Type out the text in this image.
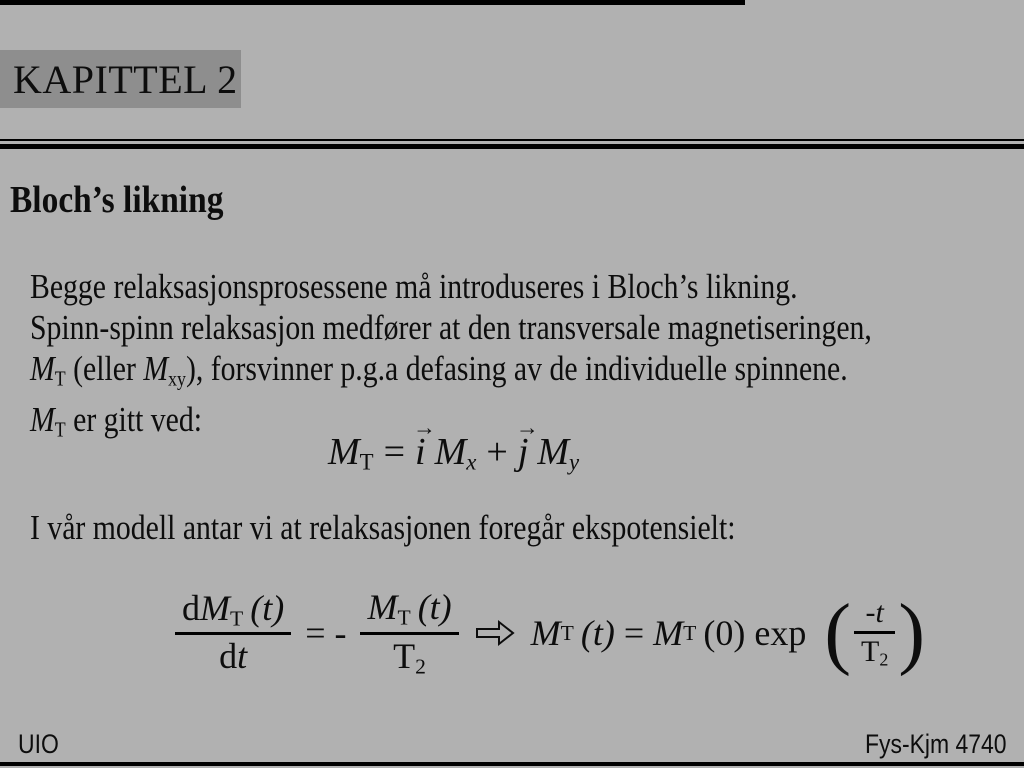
KAPITTEL 2
Bloch’s likning
Begge relaksasjonsprosessene må introduseres i Bloch’s likning.
Spinn-spinn relaksasjon medfører at den transversale magnetiseringen,
$M_T$ (eller $M_{xy}$), forsvinner p.g.a defasing av de individuelle spinnene.
$M_T$ er gitt ved:
$M_T$ =
→
i $M_x$ +
→
j $M_y$
I vår modell antar vi at relaksasjonen foregår ekspotensielt:
$\frac{dM_T (t)}{dt}$ = - $\frac{M_T (t)}{T_2}$ M T (t) = M T (0) exp ( $\frac{-t}{T_2}$ )
UIO	Fys-Kjm 4740
